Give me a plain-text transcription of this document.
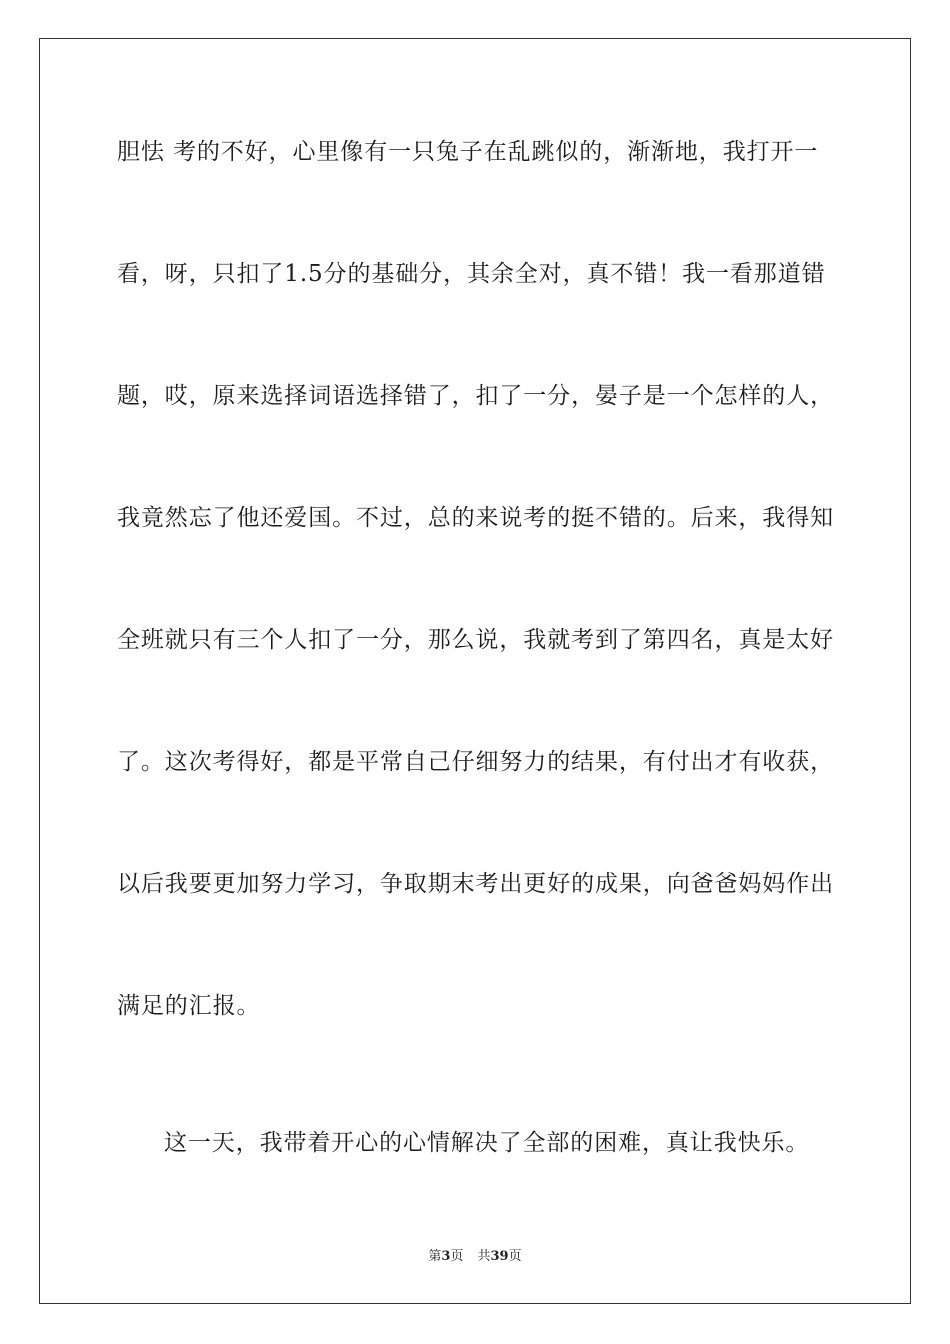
胆怯 考的不好，心里像有一只兔子在乱跳似的，渐渐地，我打开一
看，呀，只扣了1.5分的基础分，其余全对，真不错！我一看那道错
题，哎，原来选择词语选择错了，扣了一分，晏子是一个怎样的人，
我竟然忘了他还爱国。不过，总的来说考的挺不错的。后来，我得知
全班就只有三个人扣了一分，那么说，我就考到了第四名，真是太好
了。这次考得好，都是平常自己仔细努力的结果，有付出才有收获，
以后我要更加努力学习，争取期末考出更好的成果，向爸爸妈妈作出
满足的汇报。
这一天，我带着开心的心情解决了全部的困难，真让我快乐。
第3页 共39页
